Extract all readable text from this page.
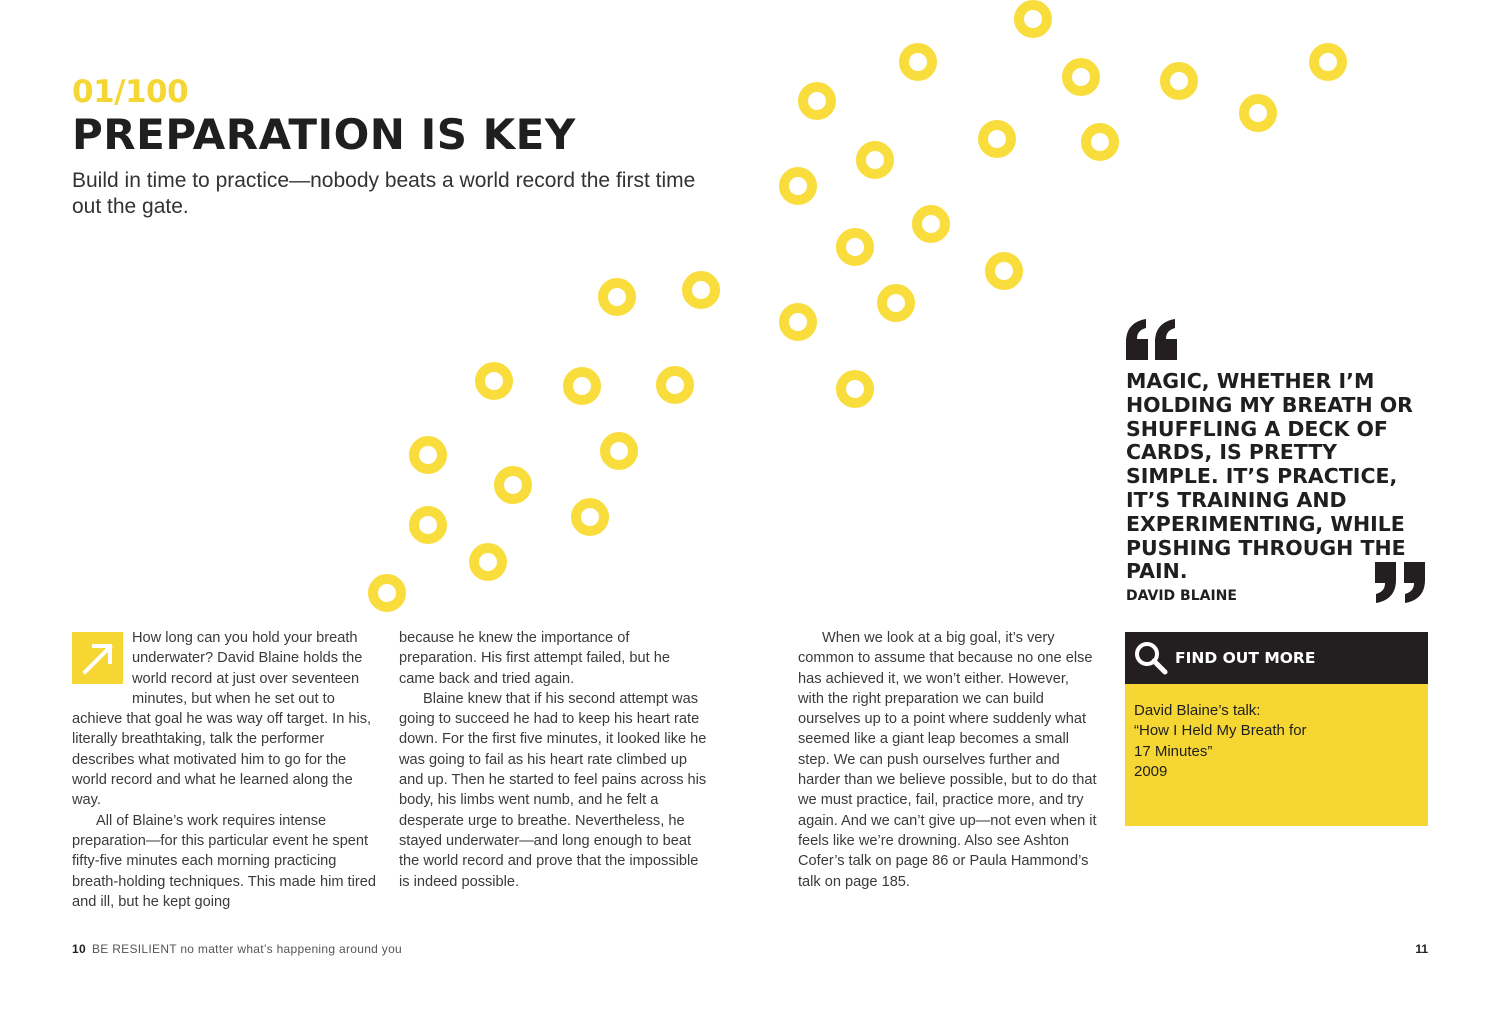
01/100
PREPARATION IS KEY
Build in time to practice—nobody beats a world record the first time out the gate.

How long can you hold your breath underwater? David Blaine holds the world record at just over seventeen minutes, but when he set out to achieve that goal he was way off target. In his, literally breathtaking, talk the performer describes what motivated him to go for the world record and what he learned along the way.

All of Blaine’s work requires intense preparation—for this particular event he spent fifty-five minutes each morning practicing breath-holding techniques. This made him tired and ill, but he kept going

because he knew the importance of preparation. His first attempt failed, but he came back and tried again.

Blaine knew that if his second attempt was going to succeed he had to keep his heart rate down. For the first five minutes, it looked like he was going to fail as his heart rate climbed up and up. Then he started to feel pains across his body, his limbs went numb, and he felt a desperate urge to breathe. Nevertheless, he stayed underwater—and long enough to beat the world record and prove that the impossible is indeed possible.

When we look at a big goal, it’s very common to assume that because no one else has achieved it, we won’t either. However, with the right preparation we can build ourselves up to a point where suddenly what seemed like a giant leap becomes a small step. We can push ourselves further and harder than we believe possible, but to do that we must practice, fail, practice more, and try again. And we can’t give up—not even when it feels like we’re drowning. Also see Ashton Cofer’s talk on page 86 or Paula Hammond’s talk on page 185.

MAGIC, WHETHER I’M HOLDING MY BREATH OR SHUFFLING A DECK OF CARDS, IS PRETTY SIMPLE. IT’S PRACTICE, IT’S TRAINING AND EXPERIMENTING, WHILE PUSHING THROUGH THE PAIN.
DAVID BLAINE
FIND OUT MORE
David Blaine’s talk:
“How I Held My Breath for
17 Minutes”
2009
10 BE RESILIENT no matter what’s happening around you	11
